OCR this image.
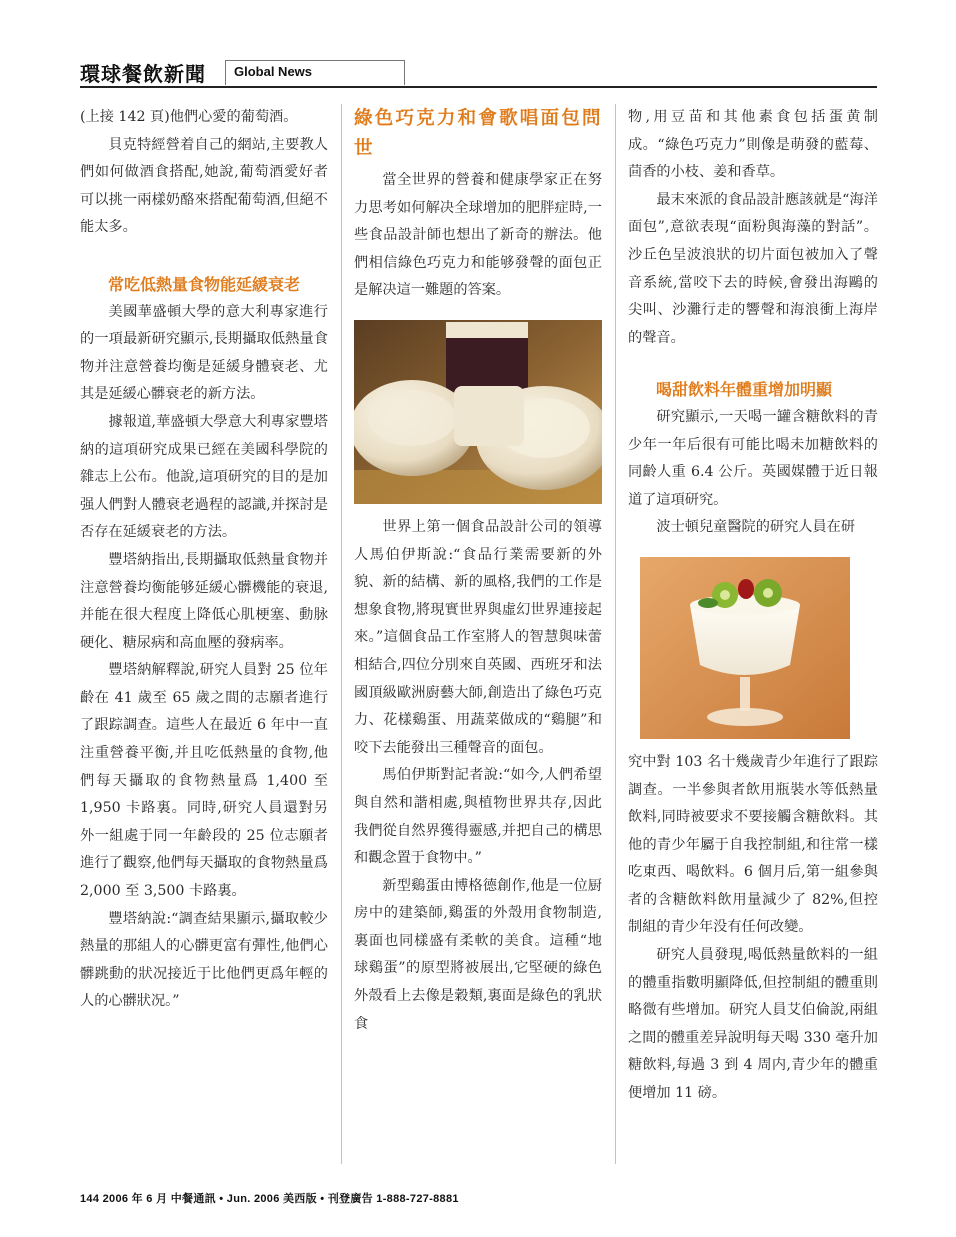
環球餐飲新聞 Global News

(上接 142 頁)他們心愛的葡萄酒。

貝克特經營着自己的網站,主要教人們如何做酒食搭配,她說,葡萄酒愛好者可以挑一兩樣奶酪來搭配葡萄酒,但絕不能太多。

常吃低熱量食物能延緩衰老

美國華盛頓大學的意大利專家進行的一項最新研究顯示,長期攝取低熱量食物并注意營養均衡是延緩身體衰老、尤其是延緩心髒衰老的新方法。

據報道,華盛頓大學意大利專家豐塔納的這項研究成果已經在美國科學院的雜志上公布。他說,這項研究的目的是加强人們對人體衰老過程的認識,并探討是否存在延緩衰老的方法。

豐塔納指出,長期攝取低熱量食物并注意營養均衡能够延緩心髒機能的衰退,并能在很大程度上降低心肌梗塞、動脉硬化、糖尿病和高血壓的發病率。

豐塔納解釋說,研究人員對 25 位年齡在 41 歲至 65 歲之間的志願者進行了跟踪調查。這些人在最近 6 年中一直注重營養平衡,并且吃低熱量的食物,他們每天攝取的食物熱量爲 1,400 至 1,950 卡路裏。同時,研究人員還對另外一組處于同一年齡段的 25 位志願者進行了觀察,他們每天攝取的食物熱量爲 2,000 至 3,500 卡路裏。

豐塔納說:“調查結果顯示,攝取較少熱量的那組人的心髒更富有彈性,他們心髒跳動的狀况接近于比他們更爲年輕的人的心髒狀况。”

綠色巧克力和會歌唱面包問世

當全世界的營養和健康學家正在努力思考如何解决全球增加的肥胖症時,一些食品設計師也想出了新奇的辦法。他們相信綠色巧克力和能够發聲的面包正是解决這一難題的答案。

世界上第一個食品設計公司的領導人馬伯伊斯說:“食品行業需要新的外貌、新的結構、新的風格,我們的工作是想象食物,將現實世界與虛幻世界連接起來。”這個食品工作室將人的智慧與味蕾相結合,四位分別來自英國、西班牙和法國頂級歐洲廚藝大師,創造出了綠色巧克力、花樣鷄蛋、用蔬菜做成的“鷄腿”和咬下去能發出三種聲音的面包。

馬伯伊斯對記者說:“如今,人們希望與自然和諧相處,與植物世界共存,因此我們從自然界獲得靈感,并把自己的構思和觀念置于食物中。”

新型鷄蛋由博格德創作,他是一位厨房中的建築師,鷄蛋的外殼用食物制造,裏面也同樣盛有柔軟的美食。這種“地球鷄蛋”的原型將被展出,它堅硬的綠色外殼看上去像是穀類,裏面是綠色的乳狀食

物,用豆苗和其他素食包括蛋黄制成。“綠色巧克力”則像是萌發的藍莓、茴香的小枝、姜和香草。

最末來派的食品設計應該就是“海洋面包”,意欲表現“面粉與海藻的對話”。沙丘色呈波浪狀的切片面包被加入了聲音系統,當咬下去的時候,會發出海鷗的尖叫、沙灘行走的響聲和海浪衝上海岸的聲音。

喝甜飲料年體重增加明顯

研究顯示,一天喝一罐含糖飲料的青少年一年后很有可能比喝未加糖飲料的同齡人重 6.4 公斤。英國媒體于近日報道了這項研究。

波士頓兒童醫院的研究人員在研

究中對 103 名十幾歲青少年進行了跟踪調查。一半參與者飲用瓶裝水等低熱量飲料,同時被要求不要接觸含糖飲料。其他的青少年屬于自我控制組,和往常一樣吃東西、喝飲料。6 個月后,第一組參與者的含糖飲料飲用量減少了 82%,但控制組的青少年没有任何改變。

研究人員發現,喝低熱量飲料的一組的體重指數明顯降低,但控制組的體重則略微有些增加。研究人員艾伯倫說,兩組之間的體重差异說明每天喝 330 毫升加糖飲料,每過 3 到 4 周内,青少年的體重便增加 11 磅。

144 2006 年 6 月 中餐通訊 • Jun. 2006 美西版 • 刊登廣告 1-888-727-8881
